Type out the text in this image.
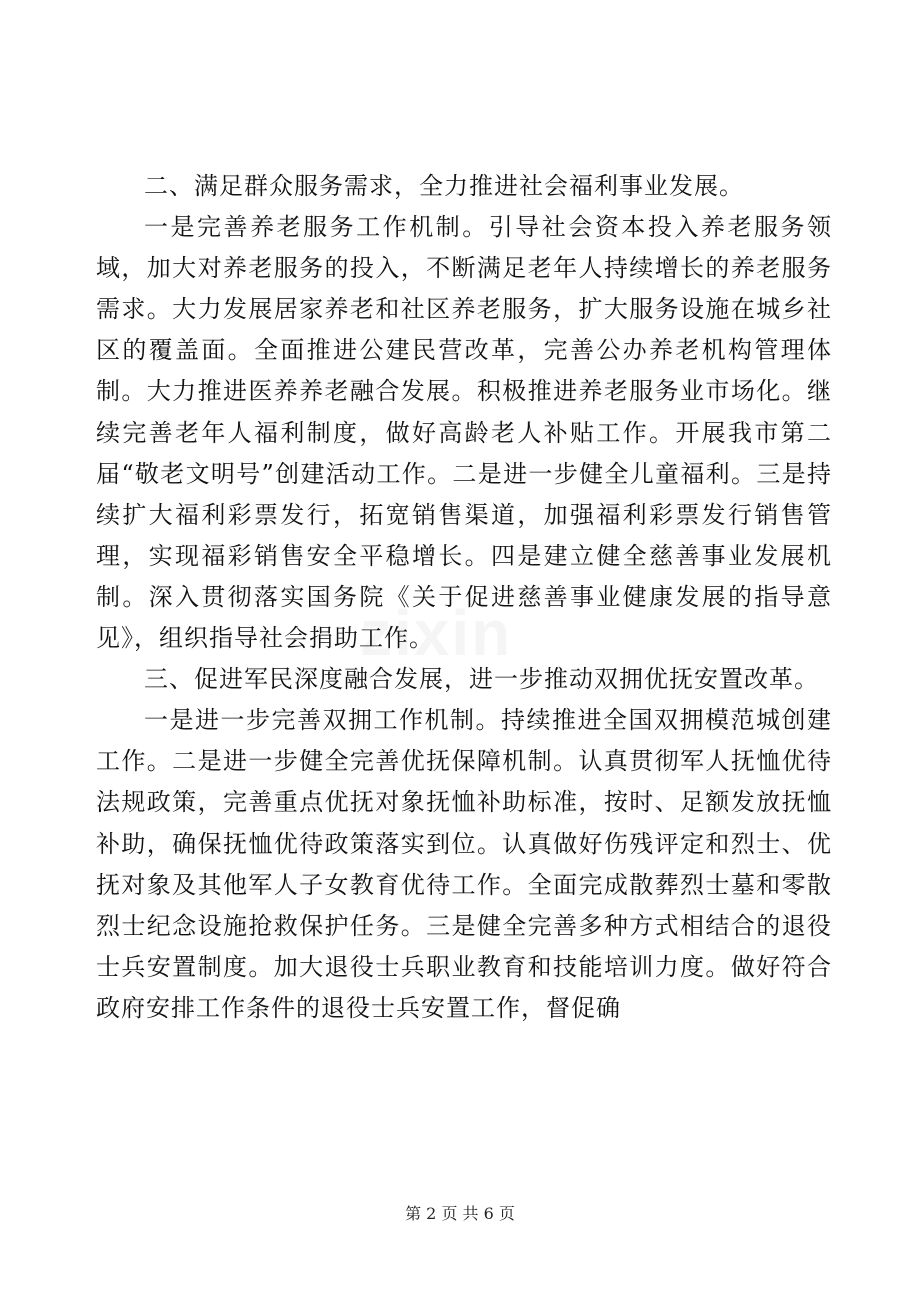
zixin

二、满足群众服务需求，全力推进社会福利事业发展。

一是完善养老服务工作机制。引导社会资本投入养老服务领域，加大对养老服务的投入，不断满足老年人持续增长的养老服务需求。大力发展居家养老和社区养老服务，扩大服务设施在城乡社区的覆盖面。全面推进公建民营改革，完善公办养老机构管理体制。大力推进医养养老融合发展。积极推进养老服务业市场化。继续完善老年人福利制度，做好高龄老人补贴工作。开展我市第二届“敬老文明号”创建活动工作。二是进一步健全儿童福利。三是持续扩大福利彩票发行，拓宽销售渠道，加强福利彩票发行销售管理，实现福彩销售安全平稳增长。四是建立健全慈善事业发展机制。深入贯彻落实国务院《关于促进慈善事业健康发展的指导意见》，组织指导社会捐助工作。

三、促进军民深度融合发展，进一步推动双拥优抚安置改革。

一是进一步完善双拥工作机制。持续推进全国双拥模范城创建工作。二是进一步健全完善优抚保障机制。认真贯彻军人抚恤优待法规政策，完善重点优抚对象抚恤补助标准，按时、足额发放抚恤补助，确保抚恤优待政策落实到位。认真做好伤残评定和烈士、优抚对象及其他军人子女教育优待工作。全面完成散葬烈士墓和零散烈士纪念设施抢救保护任务。三是健全完善多种方式相结合的退役士兵安置制度。加大退役士兵职业教育和技能培训力度。做好符合政府安排工作条件的退役士兵安置工作，督促确

第 2 页 共 6 页
